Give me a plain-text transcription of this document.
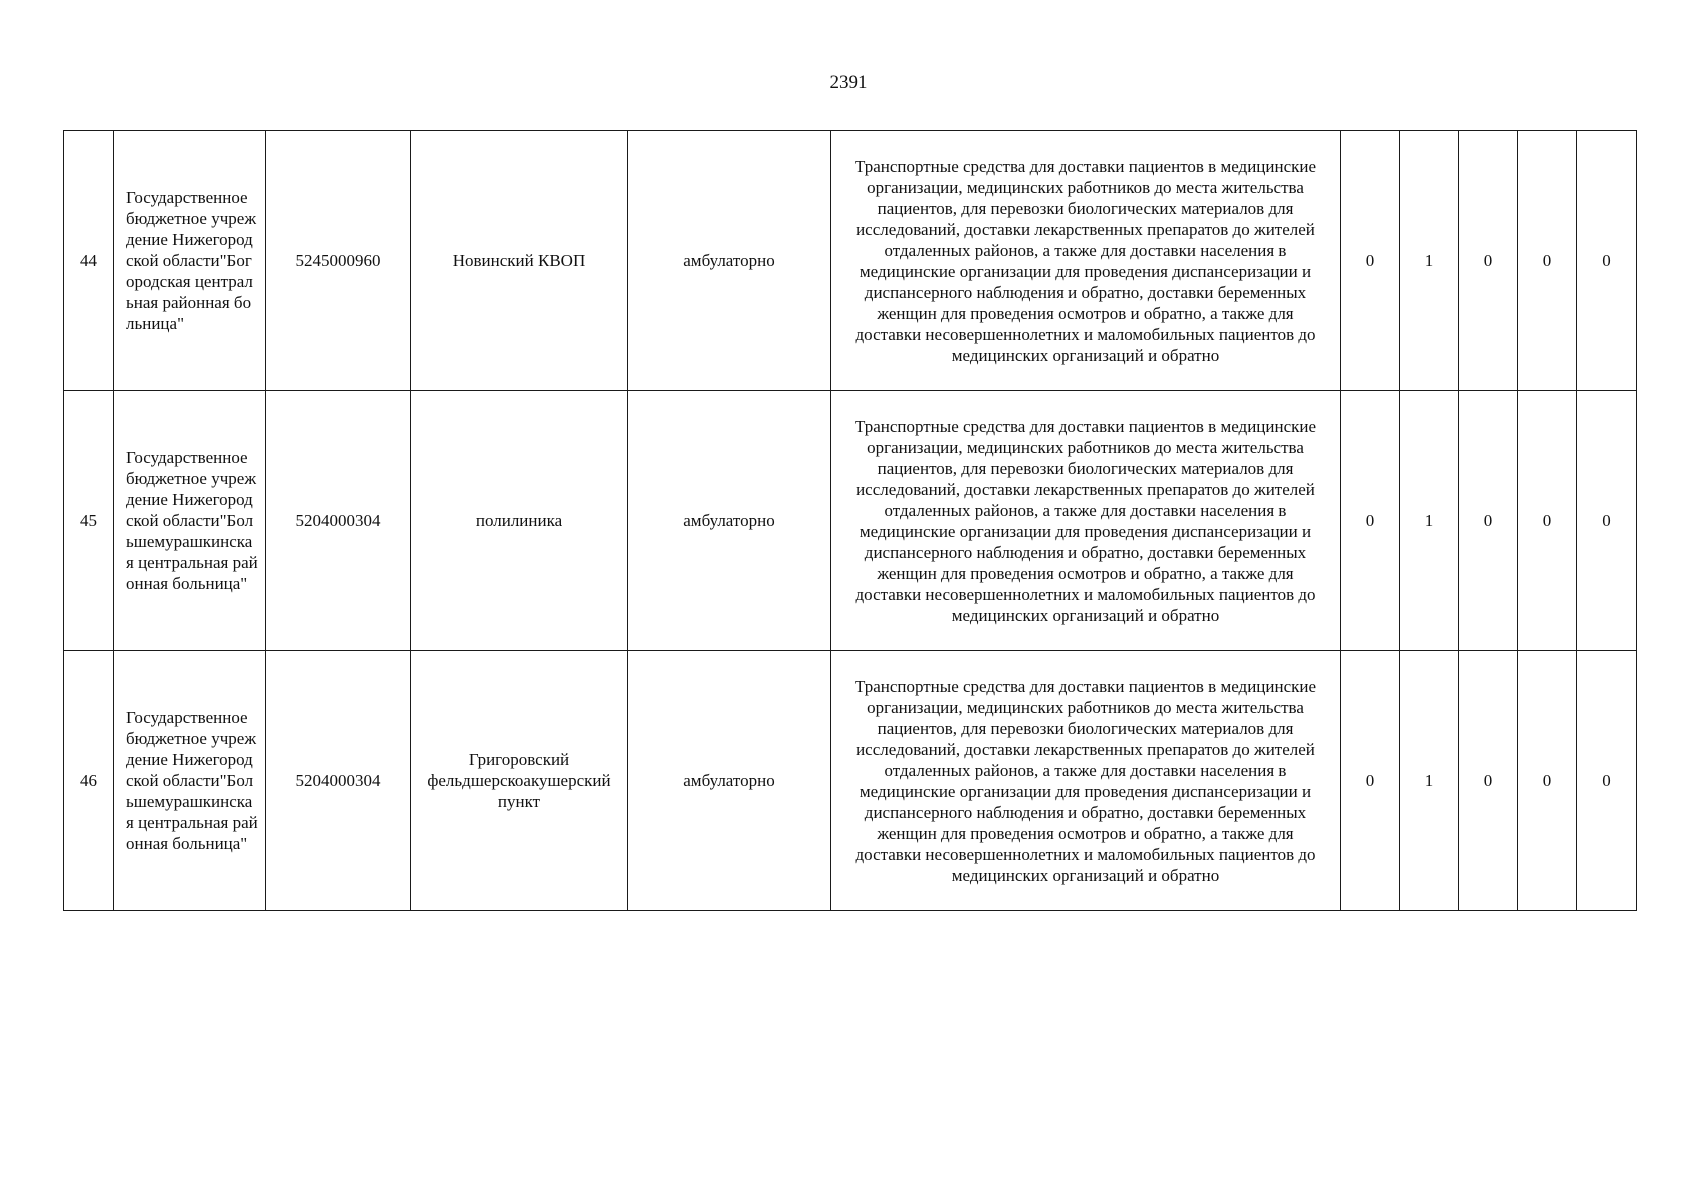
2391
44	Государственное бюджетное учреждение Нижегородской области"Богородская центральная районная больница"	5245000960	Новинский КВОП	амбулаторно	Транспортные средства для доставки пациентов в медицинские организации, медицинских работников до места жительства пациентов, для перевозки биологических материалов для исследований, доставки лекарственных препаратов до жителей отдаленных районов, а также для доставки населения в медицинские организации для проведения диспансеризации и диспансерного наблюдения и обратно, доставки беременных женщин для проведения осмотров и обратно, а также для доставки несовершеннолетних и маломобильных пациентов до медицинских организаций и обратно	0	1	0	0	0
45	Государственное бюджетное учреждение Нижегородской области"Большемурашкинская центральная районная больница"	5204000304	полилиника	амбулаторно	Транспортные средства для доставки пациентов в медицинские организации, медицинских работников до места жительства пациентов, для перевозки биологических материалов для исследований, доставки лекарственных препаратов до жителей отдаленных районов, а также для доставки населения в медицинские организации для проведения диспансеризации и диспансерного наблюдения и обратно, доставки беременных женщин для проведения осмотров и обратно, а также для доставки несовершеннолетних и маломобильных пациентов до медицинских организаций и обратно	0	1	0	0	0
46	Государственное бюджетное учреждение Нижегородской области"Большемурашкинская центральная районная больница"	5204000304	Григоровский фельдшерскоакушерский пункт	амбулаторно	Транспортные средства для доставки пациентов в медицинские организации, медицинских работников до места жительства пациентов, для перевозки биологических материалов для исследований, доставки лекарственных препаратов до жителей отдаленных районов, а также для доставки населения в медицинские организации для проведения диспансеризации и диспансерного наблюдения и обратно, доставки беременных женщин для проведения осмотров и обратно, а также для доставки несовершеннолетних и маломобильных пациентов до медицинских организаций и обратно	0	1	0	0	0
